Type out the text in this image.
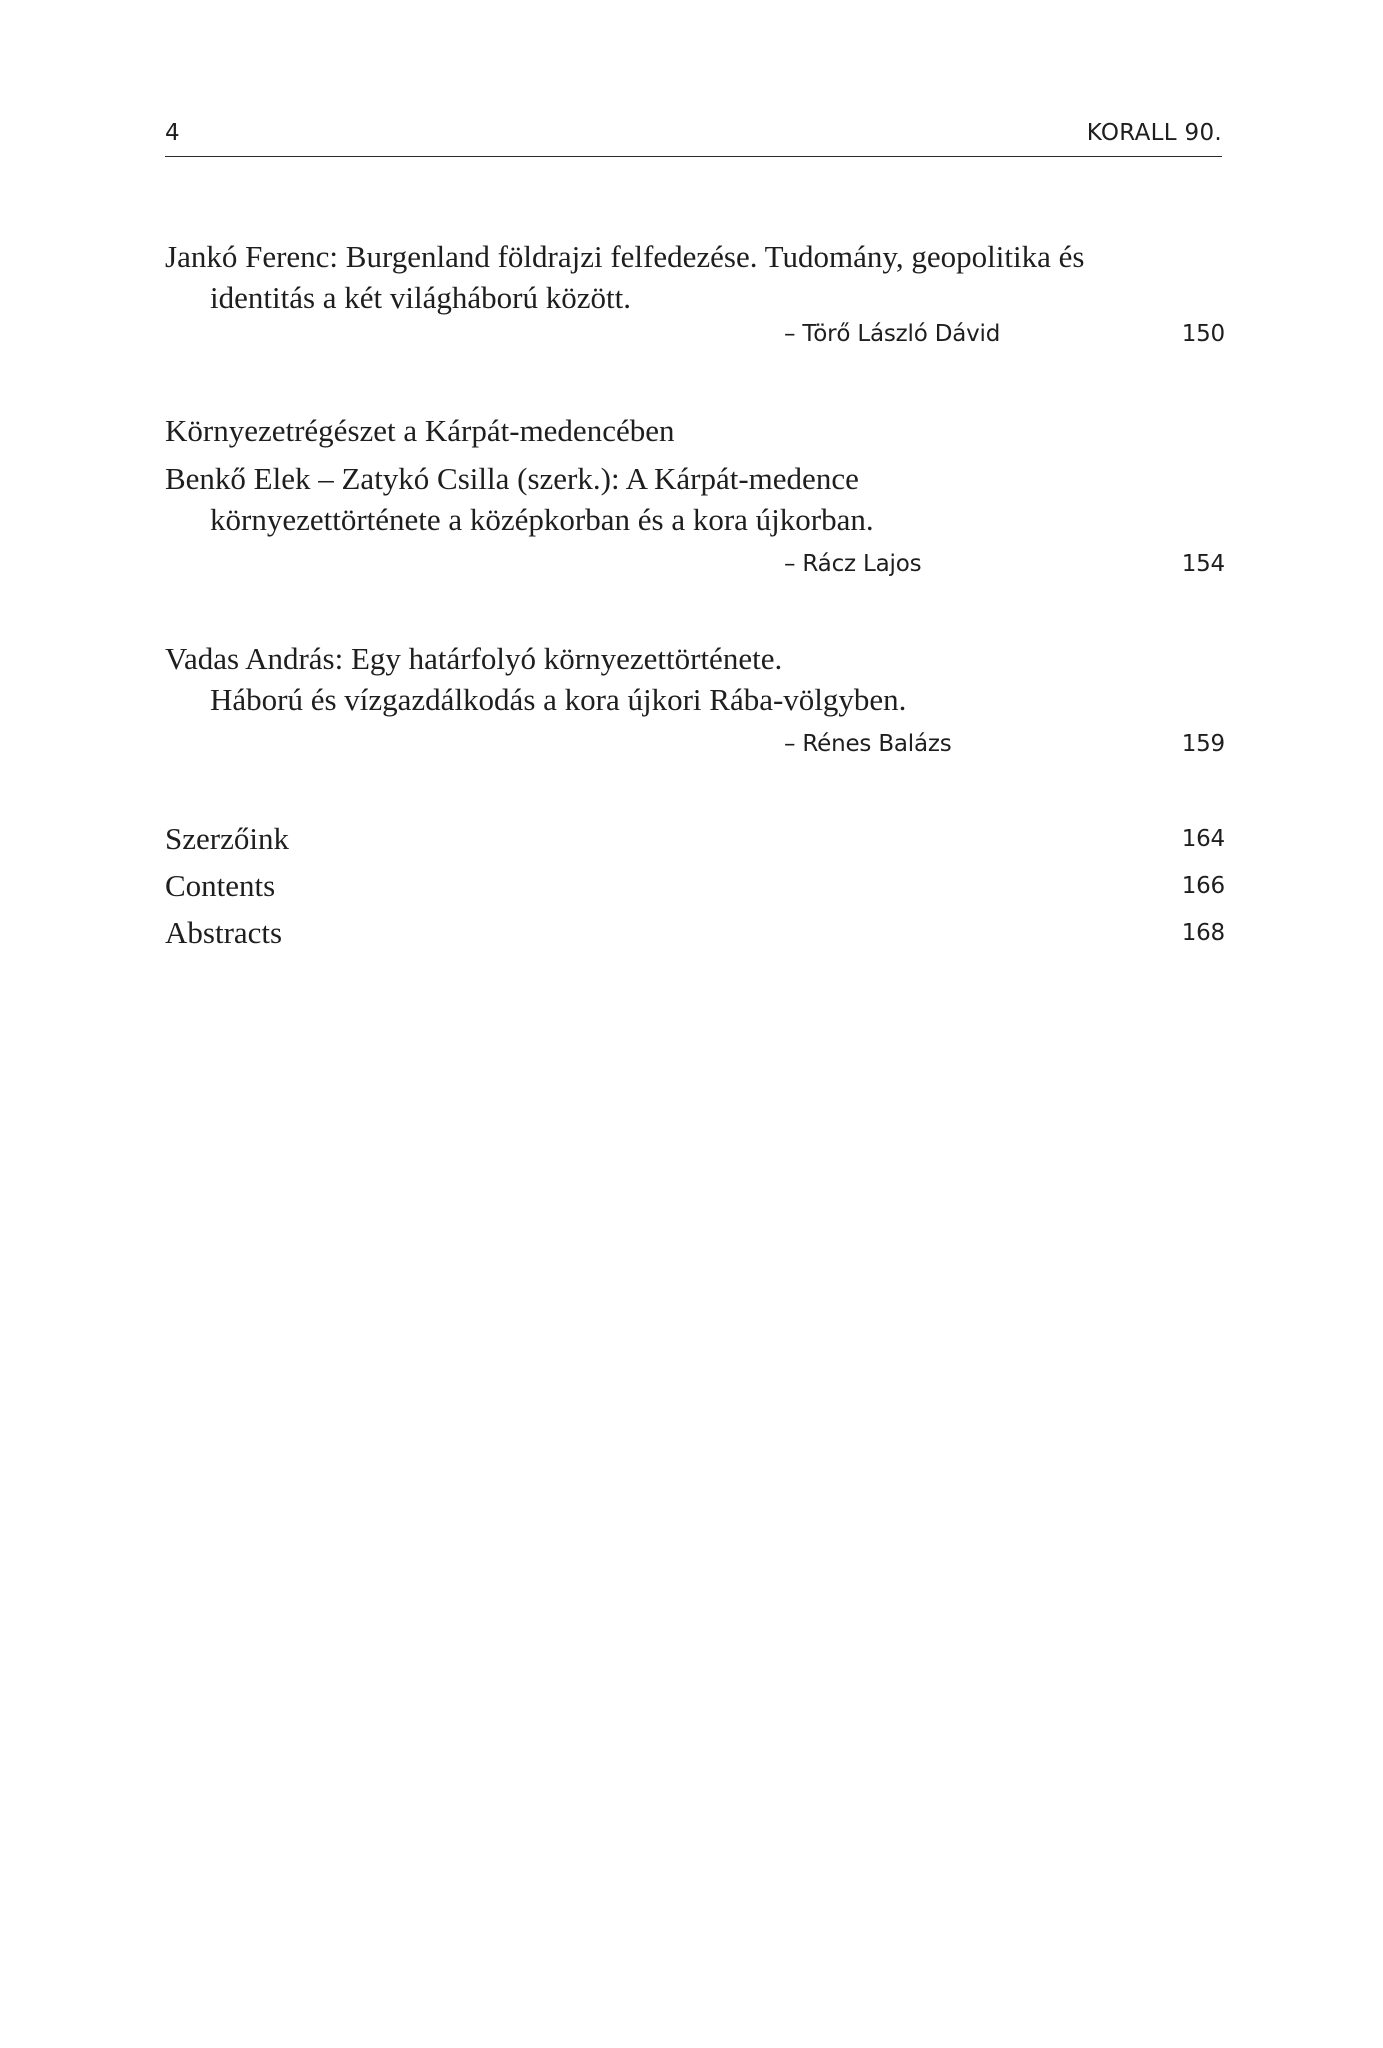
4	KORALL 90.
Jankó Ferenc: Burgenland földrajzi felfedezése. Tudomány, geopolitika és
identitás a két világháború között.
– Törő László Dávid	150
Környezetrégészet a Kárpát-medencében
Benkő Elek – Zatykó Csilla (szerk.): A Kárpát-medence
környezettörténete a középkorban és a kora újkorban.
– Rácz Lajos	154
Vadas András: Egy határfolyó környezettörténete.
Háború és vízgazdálkodás a kora újkori Rába-völgyben.
– Rénes Balázs	159
Szerzőink	164
Contents	166
Abstracts	168
